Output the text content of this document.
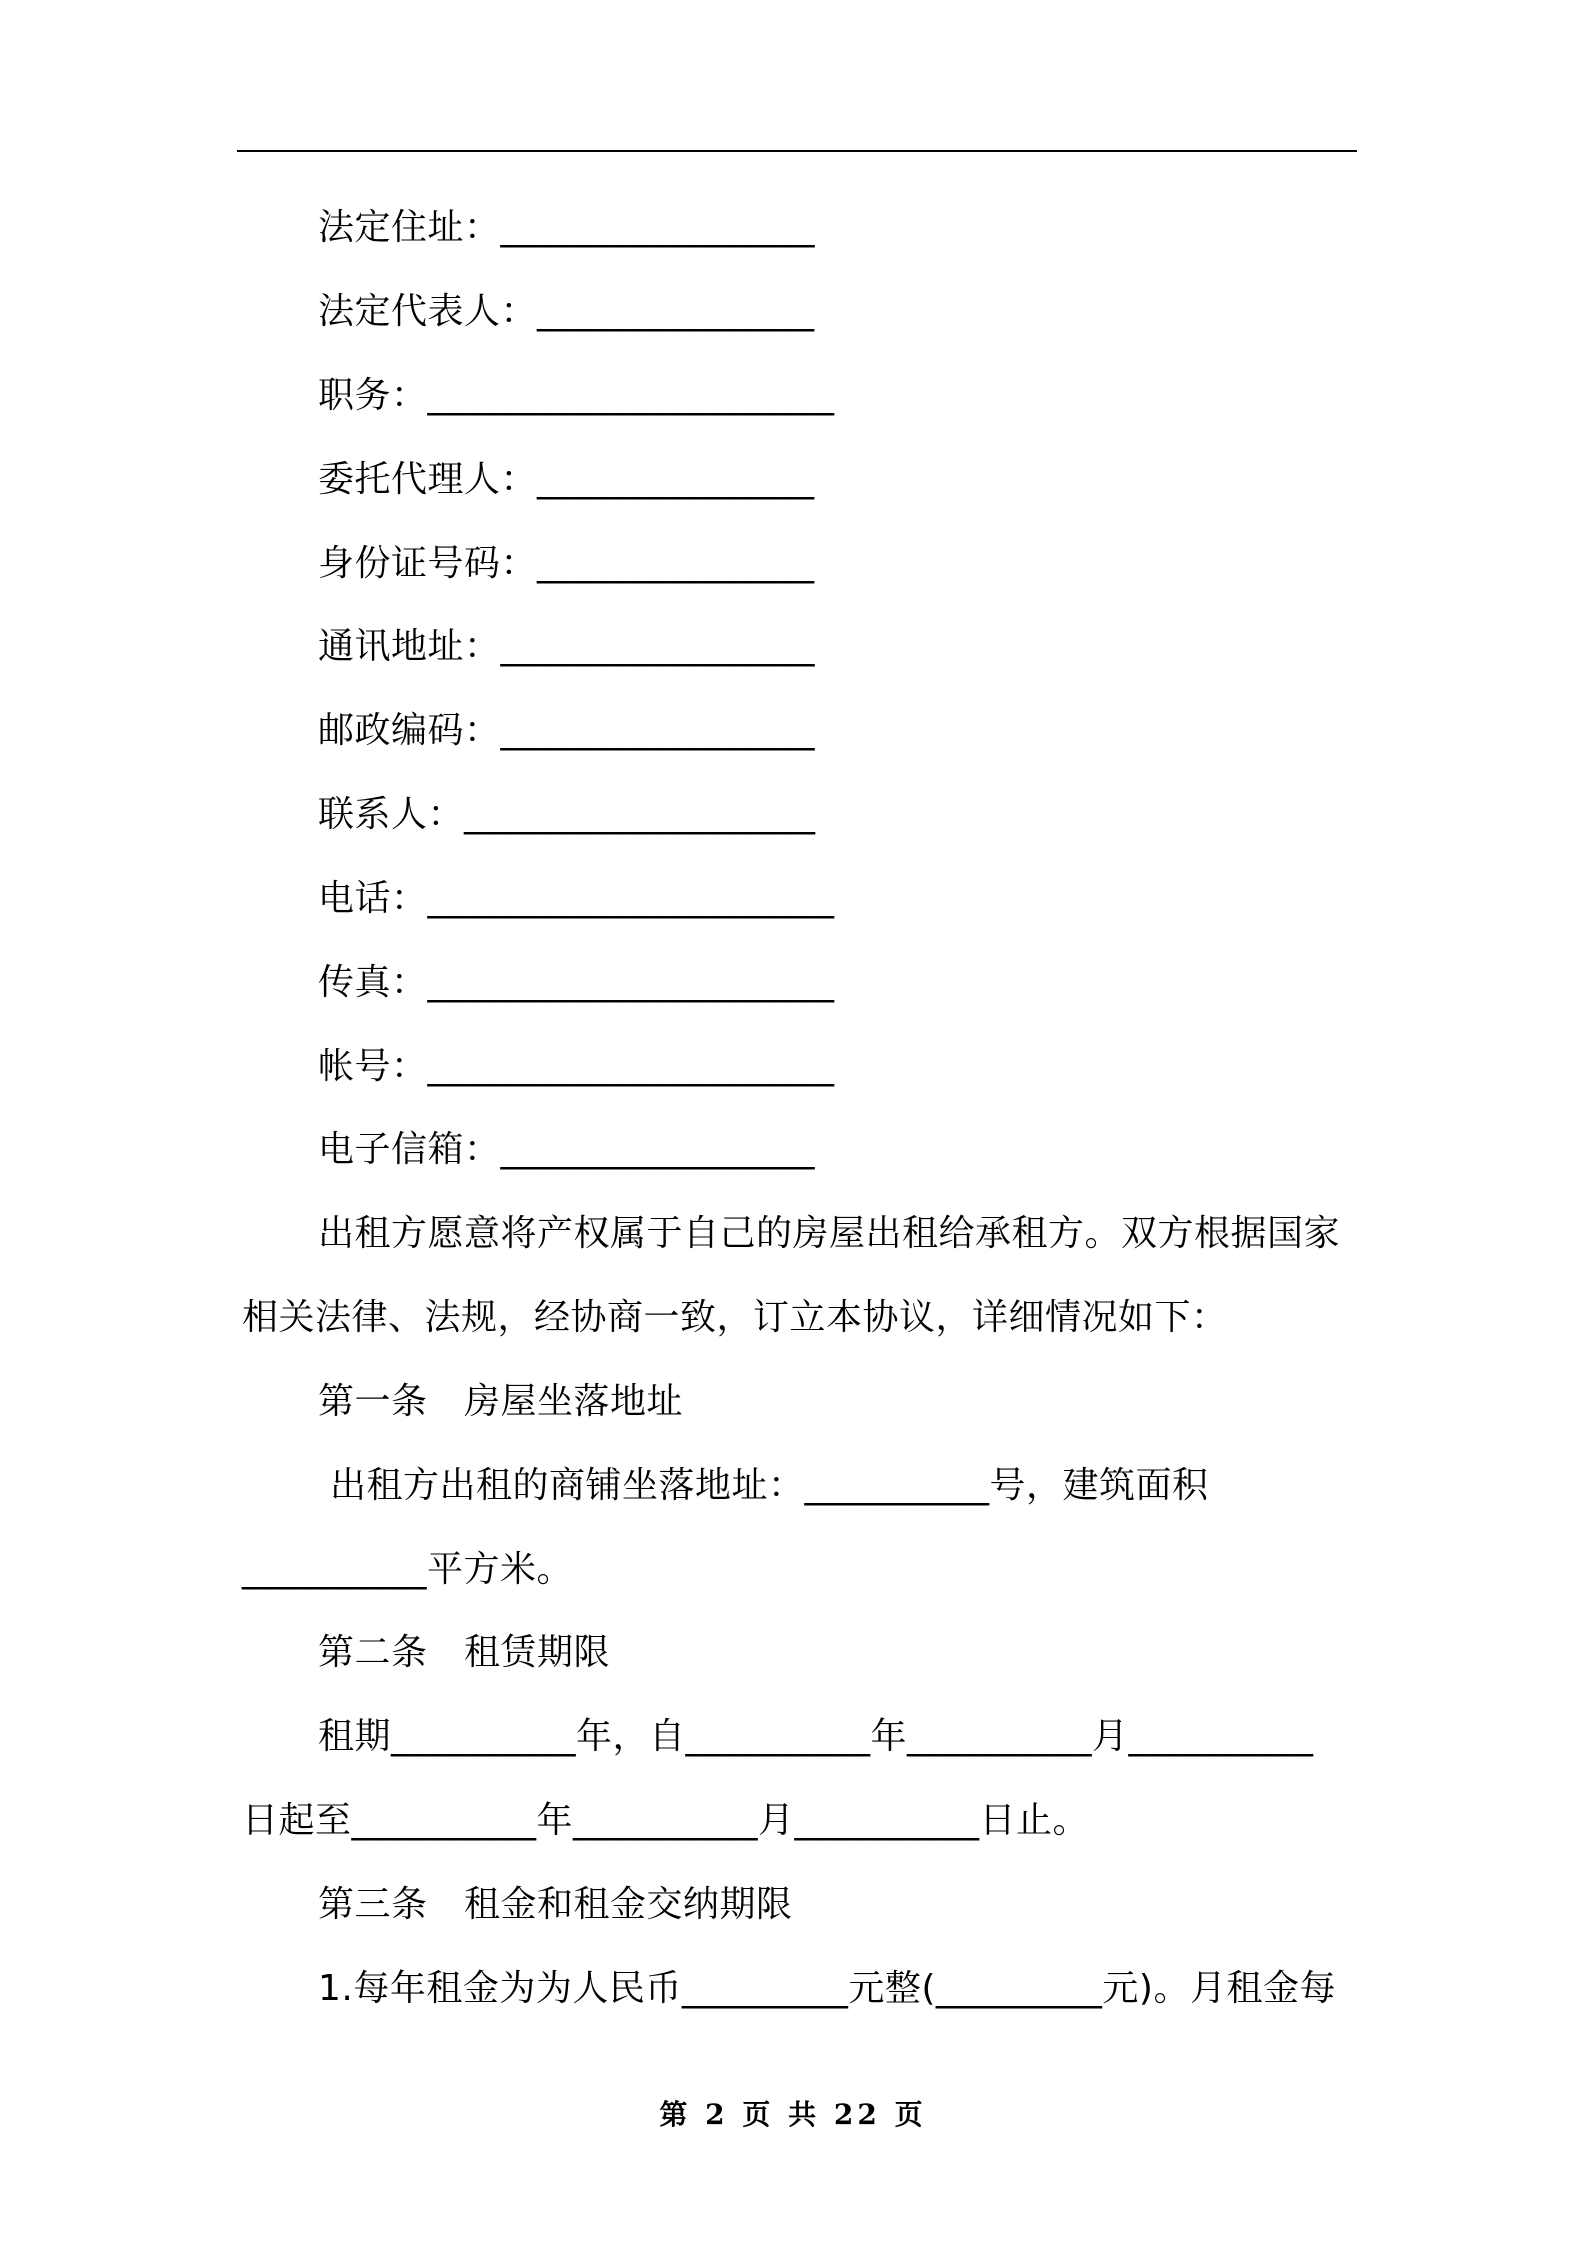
法定住址：_________________
法定代表人：_______________
职务：______________________
委托代理人：_______________
身份证号码：_______________
通讯地址：_________________
邮政编码：_________________
联系人：___________________
电话：______________________
传真：______________________
帐号：______________________
电子信箱：_________________
出租方愿意将产权属于自己的房屋出租给承租方。双方根据国家
相关法律、法规，经协商一致，订立本协议，详细情况如下：
第一条　房屋坐落地址
出租方出租的商铺坐落地址：__________号，建筑面积
__________平方米。
第二条　租赁期限
租期__________年，自__________年__________月__________
日起至__________年__________月__________日止。
第三条　租金和租金交纳期限
1.每年租金为为人民币_________元整(_________元)。月租金每
第 2 页 共 22 页
